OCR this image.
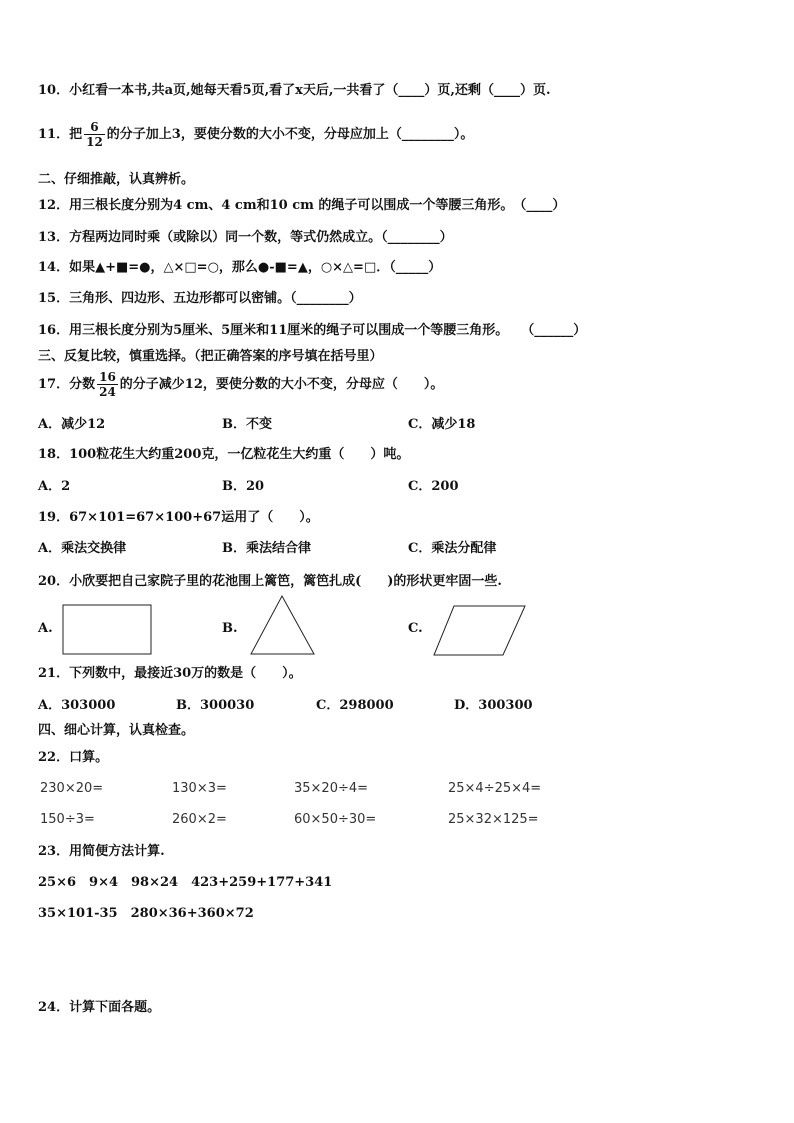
10．小红看一本书,共a页,她每天看5页,看了x天后,一共看了（____）页,还剩（____）页.
11．把 $\frac{6}{12}$ 的分子加上3，要使分数的大小不变，分母应加上（________）。
二、仔细推敲，认真辨析。
12．用三根长度分别为4 cm、4 cm和10 cm 的绳子可以围成一个等腰三角形。　（____）
13．方程两边同时乘（或除以）同一个数，等式仍然成立。（________）
14．如果▲+■=●，△×□=○，那么●-■=▲，○×△=□．（_____）
15．三角形、四边形、五边形都可以密铺。（________）
16．用三根长度分别为5厘米、5厘米和11厘米的绳子可以围成一个等腰三角形。　　（______）
三、反复比较，慎重选择。（把正确答案的序号填在括号里）
17．分数 $\frac{16}{24}$ 的分子减少12，要使分数的大小不变，分母应（　　）。
A．减少12	B．不变	C．减少18
18．100粒花生大约重200克，一亿粒花生大约重（　　）吨。
A．2	B．20	C．200
19．67×101=67×100+67运用了（　　）。
A．乘法交换律	B．乘法结合律	C．乘法分配律
20．小欣要把自己家院子里的花池围上篱笆，篱笆扎成(　　)的形状更牢固一些.
A.	B.	C.
21．下列数中，最接近30万的数是（　　）。
A．303000	B．300030	C．298000	D．300300
四、细心计算，认真检查。
22．口算。
230×20=	130×3=	35×20÷4=	25×4÷25×4=
150÷3=	260×2=	60×50÷30=	25×32×125=
23．用简便方法计算.
25×6　9×4　98×24　423+259+177+341
35×101-35　280×36+360×72
24．计算下面各题。
